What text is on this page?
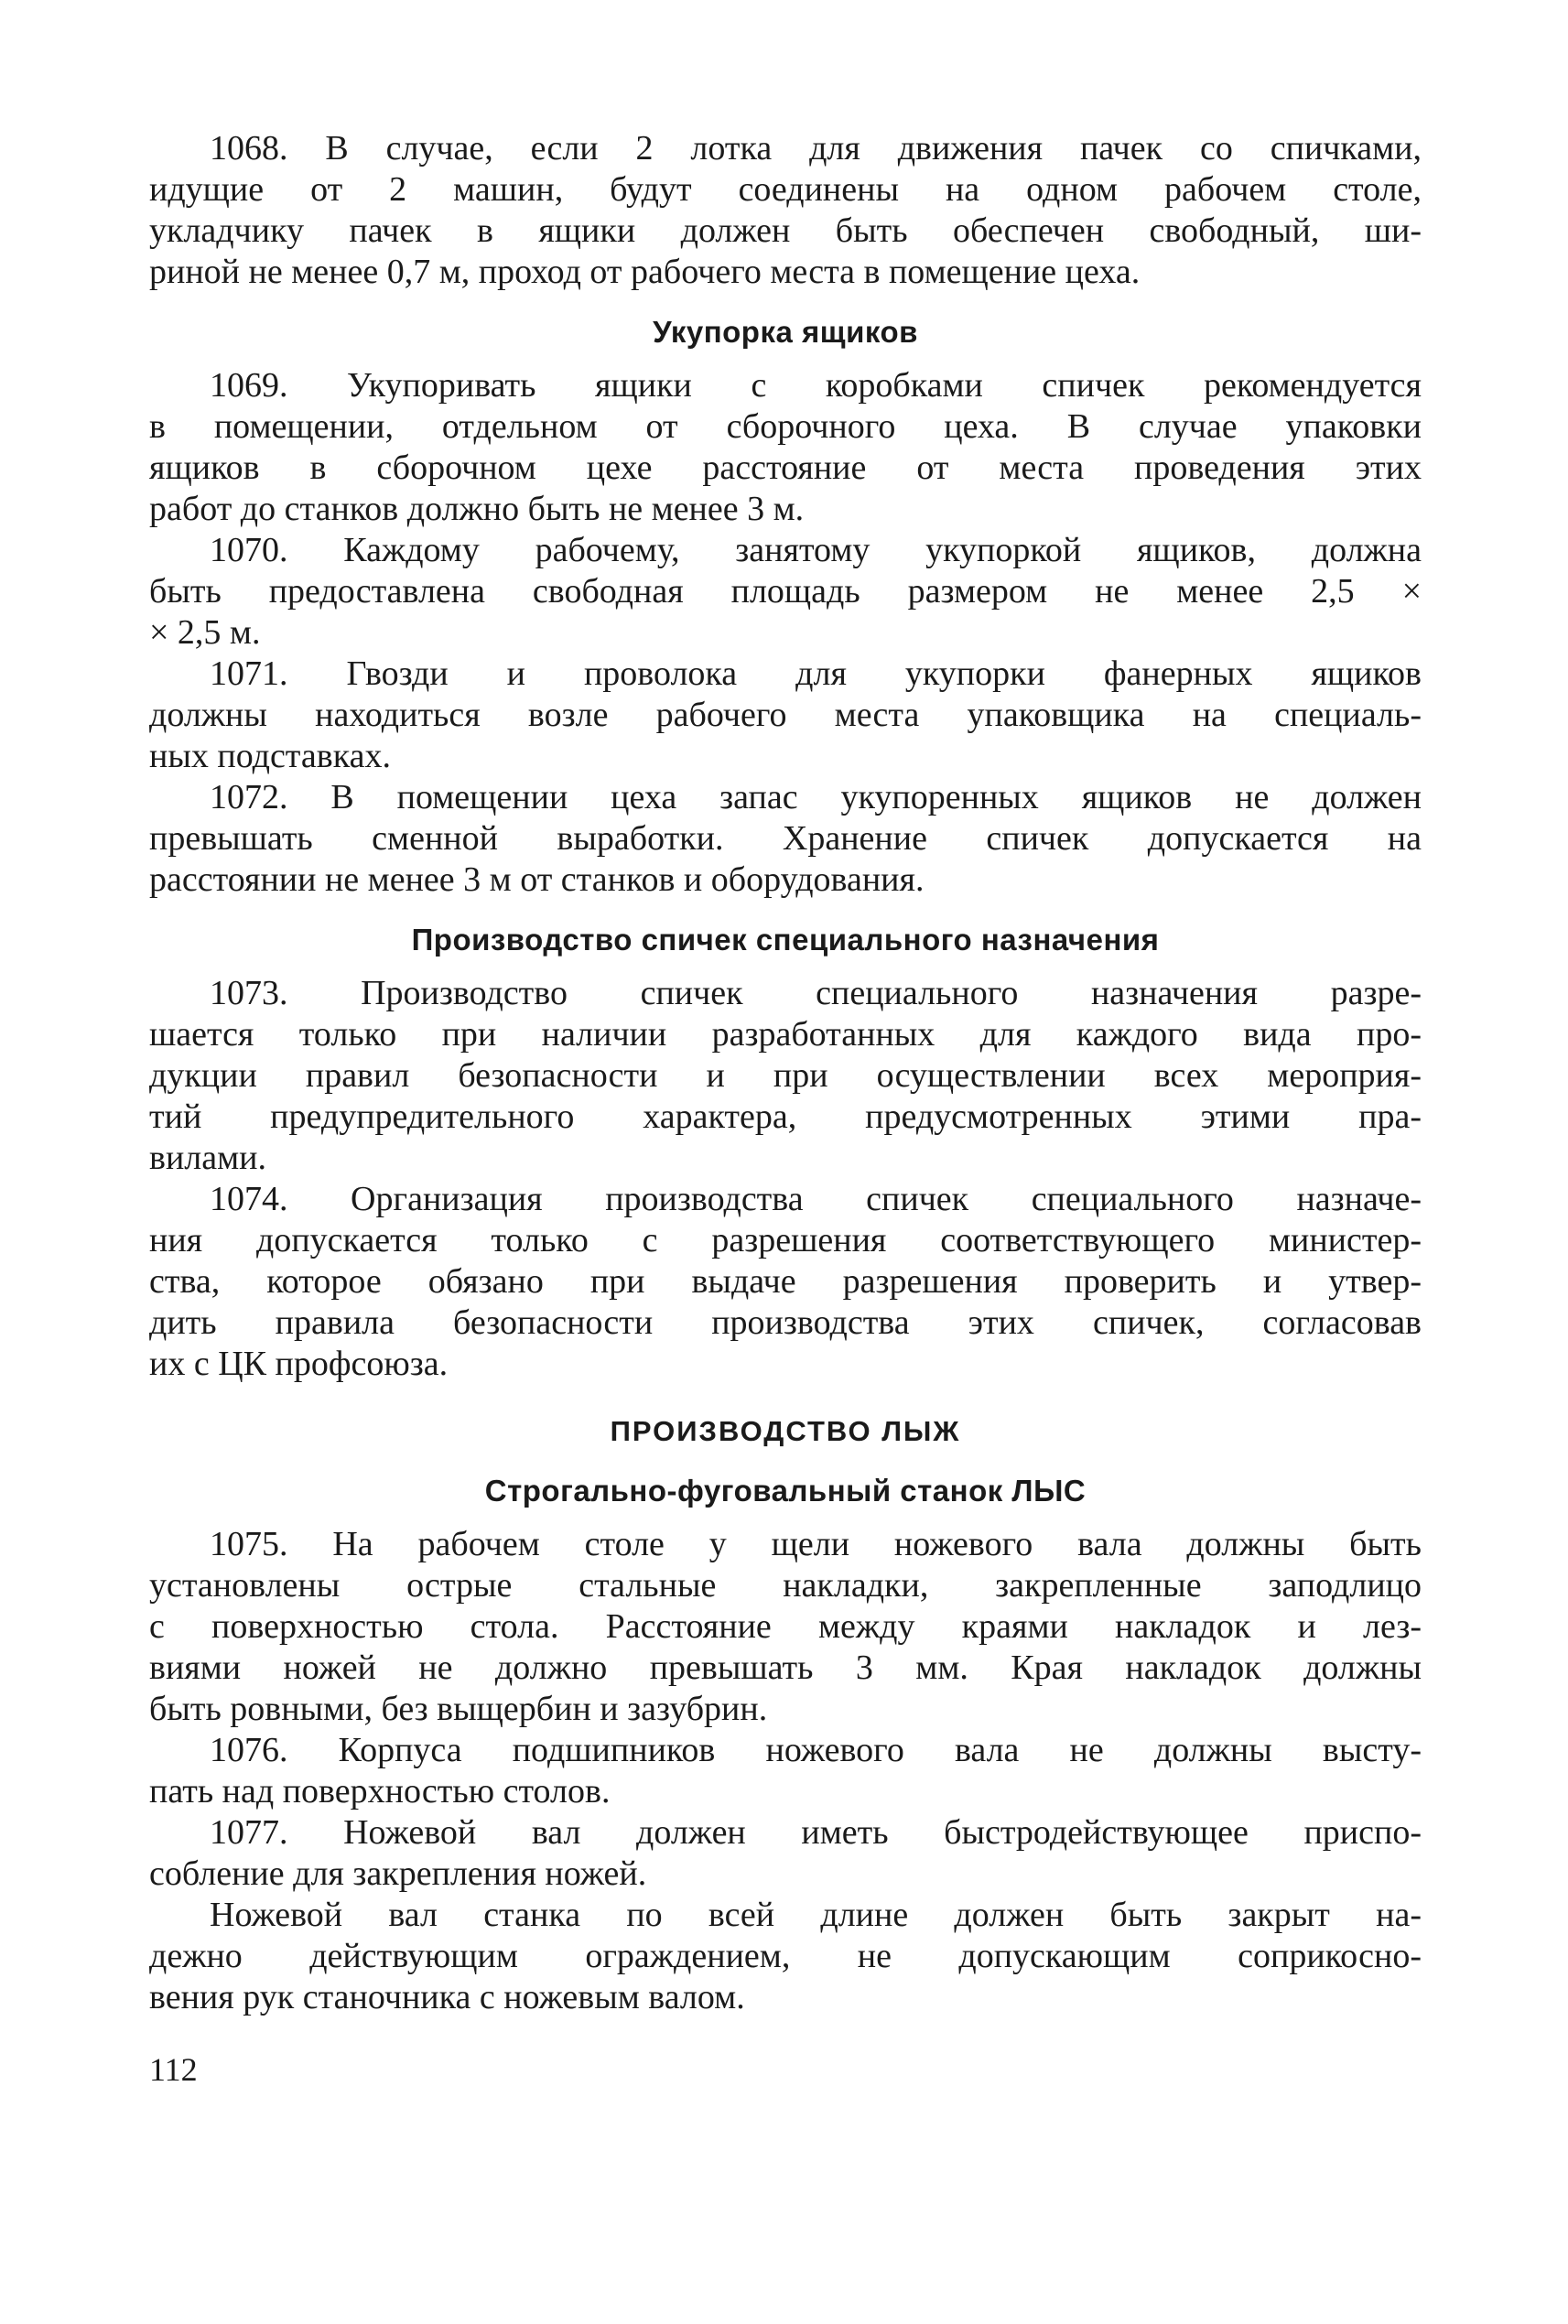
1068. В случае, если 2 лотка для движения пачек со спичками,
идущие от 2 машин, будут соединены на одном рабочем столе,
укладчику пачек в ящики должен быть обеспечен свободный, ши-
риной не менее 0,7 м, проход от рабочего места в помещение цеха.
Укупорка ящиков
1069. Укупоривать ящики с коробками спичек рекомендуется
в помещении, отдельном от сборочного цеха. В случае упаковки
ящиков в сборочном цехе расстояние от места проведения этих
работ до станков должно быть не менее 3 м.
1070. Каждому рабочему, занятому укупоркой ящиков, должна
быть предоставлена свободная площадь размером не менее 2,5 ×
× 2,5 м.
1071. Гвозди и проволока для укупорки фанерных ящиков
должны находиться возле рабочего места упаковщика на специаль-
ных подставках.
1072. В помещении цеха запас укупоренных ящиков не должен
превышать сменной выработки. Хранение спичек допускается на
расстоянии не менее 3 м от станков и оборудования.
Производство спичек специального назначения
1073. Производство спичек специального назначения разре-
шается только при наличии разработанных для каждого вида про-
дукции правил безопасности и при осуществлении всех мероприя-
тий предупредительного характера, предусмотренных этими пра-
вилами.
1074. Организация производства спичек специального назначе-
ния допускается только с разрешения соответствующего министер-
ства, которое обязано при выдаче разрешения проверить и утвер-
дить правила безопасности производства этих спичек, согласовав
их с ЦК профсоюза.
ПРОИЗВОДСТВО ЛЫЖ
Строгально-фуговальный станок ЛЫС
1075. На рабочем столе у щели ножевого вала должны быть
установлены острые стальные накладки, закрепленные заподлицо
с поверхностью стола. Расстояние между краями накладок и лез-
виями ножей не должно превышать 3 мм. Края накладок должны
быть ровными, без выщербин и зазубрин.
1076. Корпуса подшипников ножевого вала не должны высту-
пать над поверхностью столов.
1077. Ножевой вал должен иметь быстродействующее приспо-
собление для закрепления ножей.
Ножевой вал станка по всей длине должен быть закрыт на-
дежно действующим ограждением, не допускающим соприкосно-
вения рук станочника с ножевым валом.
112
